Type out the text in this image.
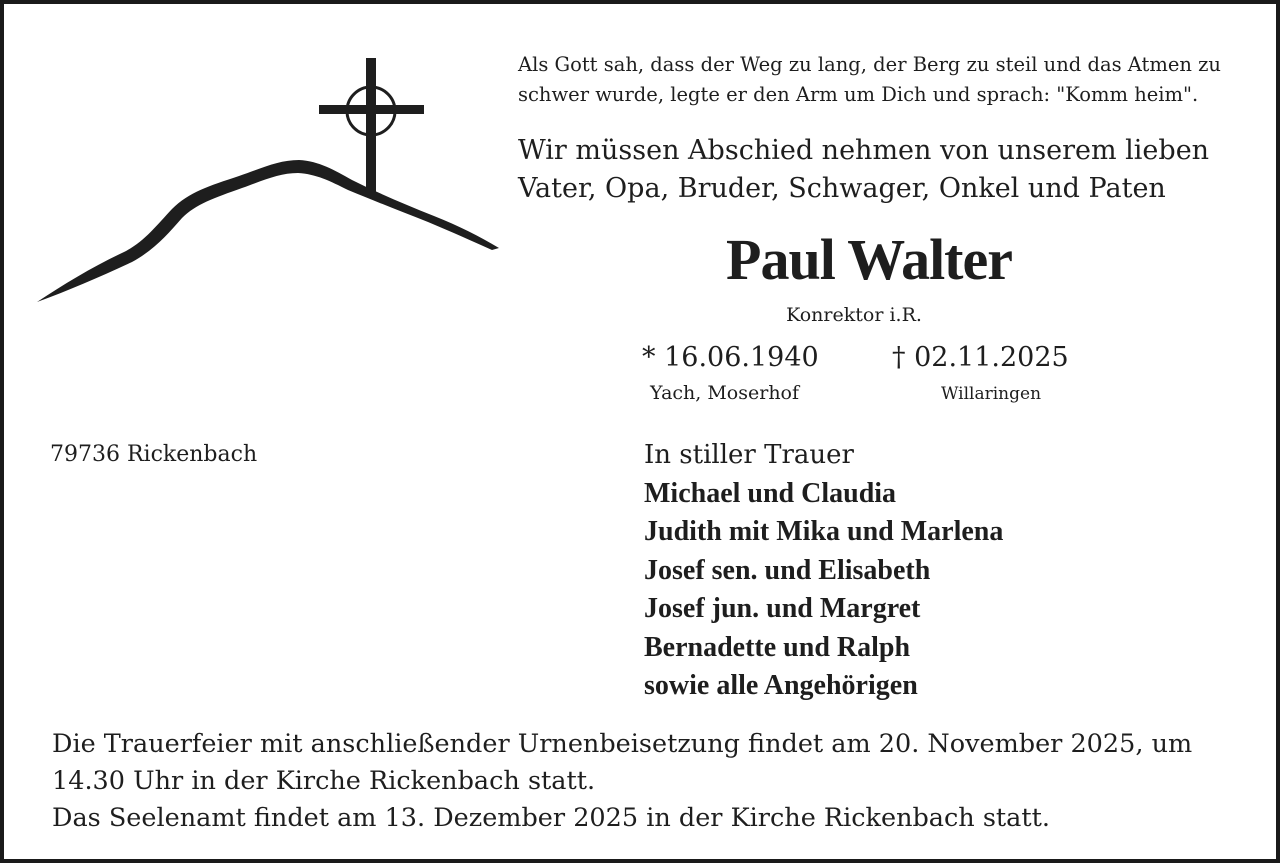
Als Gott sah, dass der Weg zu lang, der Berg zu steil und das Atmen zu
schwer wurde, legte er den Arm um Dich und sprach: "Komm heim".
Wir müssen Abschied nehmen von unserem lieben
Vater, Opa, Bruder, Schwager, Onkel und Paten
Paul Walter
Konrektor i.R.
* 16.06.1940
Yach, Moserhof
† 02.11.2025
Willaringen
79736 Rickenbach	In stiller Trauer
Michael und Claudia
Judith mit Mika und Marlena
Josef sen. und Elisabeth
Josef jun. und Margret
Bernadette und Ralph
sowie alle Angehörigen
Die Trauerfeier mit anschließender Urnenbeisetzung findet am 20. November 2025, um
14.30 Uhr in der Kirche Rickenbach statt.
Das Seelenamt findet am 13. Dezember 2025 in der Kirche Rickenbach statt.
